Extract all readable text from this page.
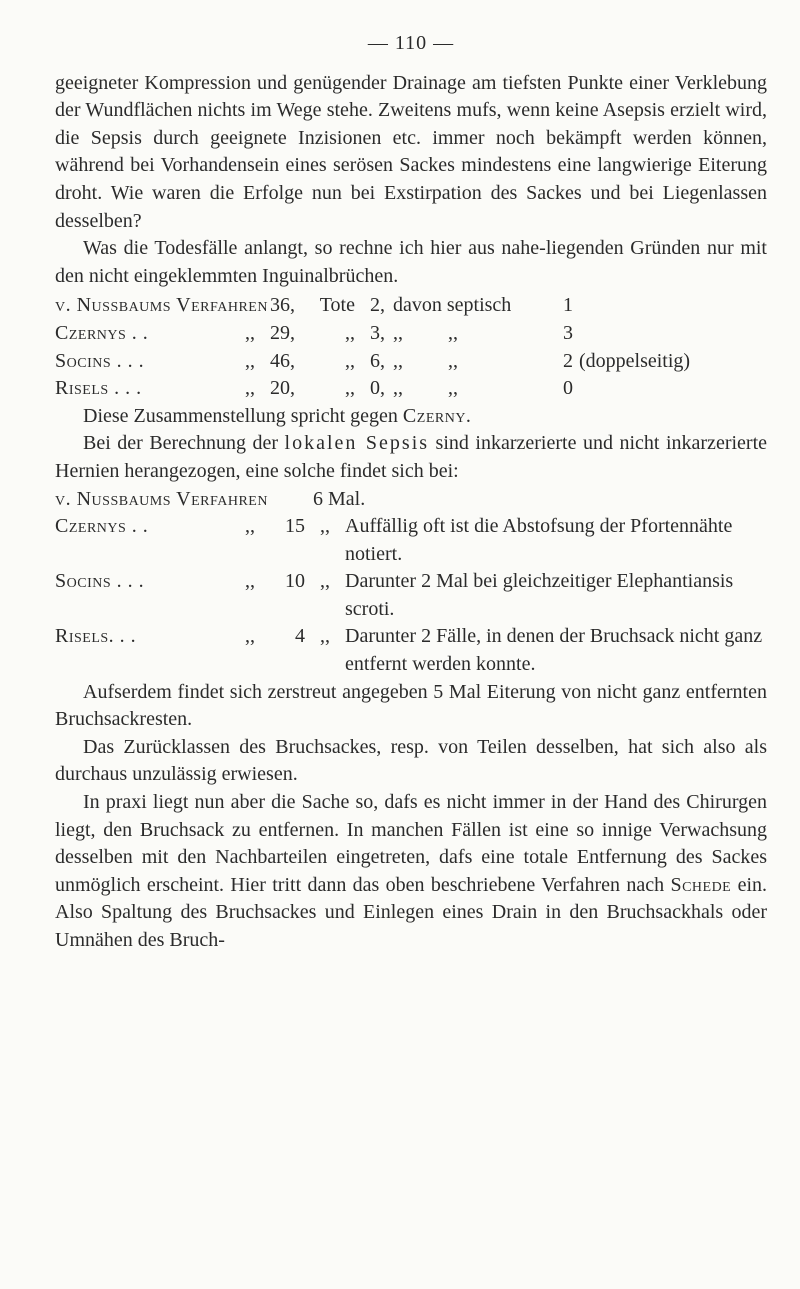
— 110 —

geeigneter Kompression und genügender Drainage am tiefsten Punkte einer Verklebung der Wundflächen nichts im Wege stehe. Zweitens mufs, wenn keine Asepsis erzielt wird, die Sepsis durch geeignete Inzisionen etc. immer noch bekämpft werden können, während bei Vorhandensein eines serösen Sackes mindestens eine langwierige Eiterung droht. Wie waren die Erfolge nun bei Exstirpation des Sackes und bei Liegenlassen desselben?

Was die Todesfälle anlangt, so rechne ich hier aus nahe-liegenden Gründen nur mit den nicht eingeklemmten Inguinalbrüchen.

v. Nussbaums Verfahren 36,	Tote 2, davon septisch	1
Czernys . .	,, 29,	,, 3, ,,         ,,	3
Socins . . .	,, 46,	,, 6, ,,         ,,	2 (doppelseitig)
Risels . . .	,, 20,	,, 0, ,,         ,,	0

Diese Zusammenstellung spricht gegen Czerny.

Bei der Berechnung der lokalen Sepsis sind inkarzerierte und nicht inkarzerierte Hernien herangezogen, eine solche findet sich bei:

v. Nussbaums Verfahren	6 Mal.
Czernys . .	,,	15 ,, Auffällig oft ist die Abstofsung der Pfortennähte notiert.
Socins . . .	,,	10 ,, Darunter 2 Mal bei gleichzeitiger Elephantiansis scroti.
Risels. . .	,,	4 ,, Darunter 2 Fälle, in denen der Bruchsack nicht ganz entfernt werden konnte.

Aufserdem findet sich zerstreut angegeben 5 Mal Eiterung von nicht ganz entfernten Bruchsackresten.

Das Zurücklassen des Bruchsackes, resp. von Teilen desselben, hat sich also als durchaus unzulässig erwiesen.

In praxi liegt nun aber die Sache so, dafs es nicht immer in der Hand des Chirurgen liegt, den Bruchsack zu entfernen. In manchen Fällen ist eine so innige Verwachsung desselben mit den Nachbarteilen eingetreten, dafs eine totale Entfernung des Sackes unmöglich erscheint. Hier tritt dann das oben beschriebene Verfahren nach Schede ein. Also Spaltung des Bruchsackes und Einlegen eines Drain in den Bruchsackhals oder Umnähen des Bruch-
